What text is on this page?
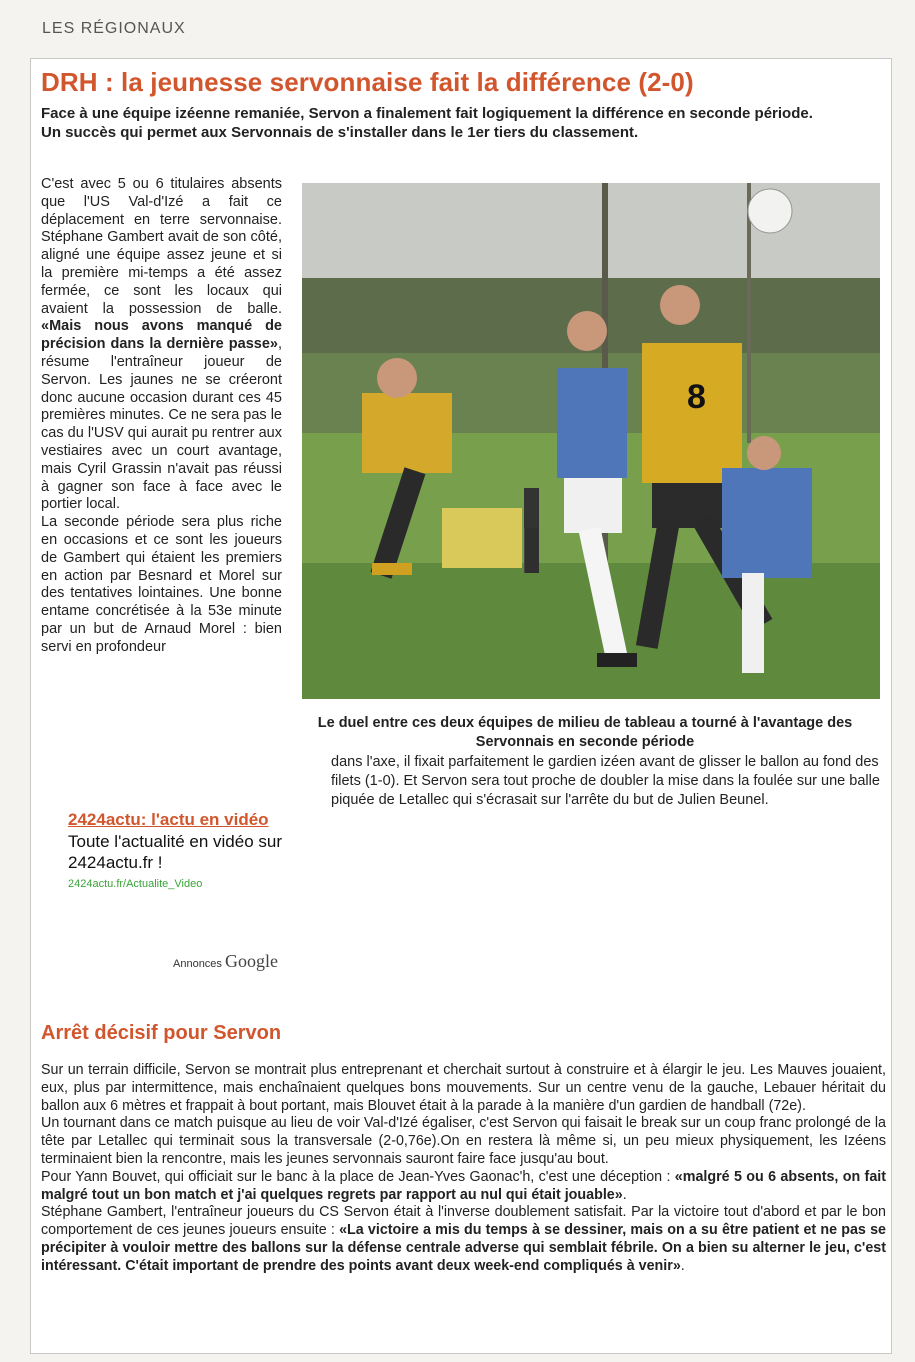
LES RÉGIONAUX
DRH : la jeunesse servonnaise fait la différence (2-0)

Face à une équipe izéenne remaniée, Servon a finalement fait logiquement la différence en seconde période. Un succès qui permet aux Servonnais de s'installer dans le 1er tiers du classement.

C'est avec 5 ou 6 titulaires absents que l'US Val-d'Izé a fait ce déplacement en terre servonnaise. Stéphane Gambert avait de son côté, aligné une équipe assez jeune et si la première mi-temps a été assez fermée, ce sont les locaux qui avaient la possession de balle. «Mais nous avons manqué de précision dans la dernière passe», résume l'entraîneur joueur de Servon. Les jaunes ne se créeront donc aucune occasion durant ces 45 premières minutes. Ce ne sera pas le cas du l'USV qui aurait pu rentrer aux vestiaires avec un court avantage, mais Cyril Grassin n'avait pas réussi à gagner son face à face avec le portier local.
La seconde période sera plus riche en occasions et ce sont les joueurs de Gambert qui étaient les premiers en action par Besnard et Morel sur des tentatives lointaines. Une bonne entame concrétisée à la 53e minute par un but de Arnaud Morel : bien servi en profondeur

8

Le duel entre ces deux équipes de milieu de tableau a tourné à l'avantage des Servonnais en seconde période

dans l'axe, il fixait parfaitement le gardien izéen avant de glisser le ballon au fond des filets (1-0). Et Servon sera tout proche de doubler la mise dans la foulée sur une balle piquée de Letallec qui s'écrasait sur l'arrête du but de Julien Beunel.

2424actu: l'actu en vidéo
Toute l'actualité en vidéo sur 2424actu.fr !
2424actu.fr/Actualite_Video
Annonces Google
Arrêt décisif pour Servon

Sur un terrain difficile, Servon se montrait plus entreprenant et cherchait surtout à construire et à élargir le jeu. Les Mauves jouaient, eux, plus par intermittence, mais enchaînaient quelques bons mouvements. Sur un centre venu de la gauche, Lebauer héritait du ballon aux 6 mètres et frappait à bout portant, mais Blouvet était à la parade à la manière d'un gardien de handball (72e).

Un tournant dans ce match puisque au lieu de voir Val-d'Izé égaliser, c'est Servon qui faisait le break sur un coup franc prolongé de la tête par Letallec qui terminait sous la transversale (2-0,76e).On en restera là même si, un peu mieux physiquement, les Izéens terminaient bien la rencontre, mais les jeunes servonnais sauront faire face jusqu'au bout.

Pour Yann Bouvet, qui officiait sur le banc à la place de Jean-Yves Gaonac'h, c'est une déception : «malgré 5 ou 6 absents, on fait malgré tout un bon match et j'ai quelques regrets par rapport au nul qui était jouable».

Stéphane Gambert, l'entraîneur joueurs du CS Servon était à l'inverse doublement satisfait. Par la victoire tout d'abord et par le bon comportement de ces jeunes joueurs ensuite : «La victoire a mis du temps à se dessiner, mais on a su être patient et ne pas se précipiter à vouloir mettre des ballons sur la défense centrale adverse qui semblait fébrile. On a bien su alterner le jeu, c'est intéressant. C'était important de prendre des points avant deux week-end compliqués à venir».
